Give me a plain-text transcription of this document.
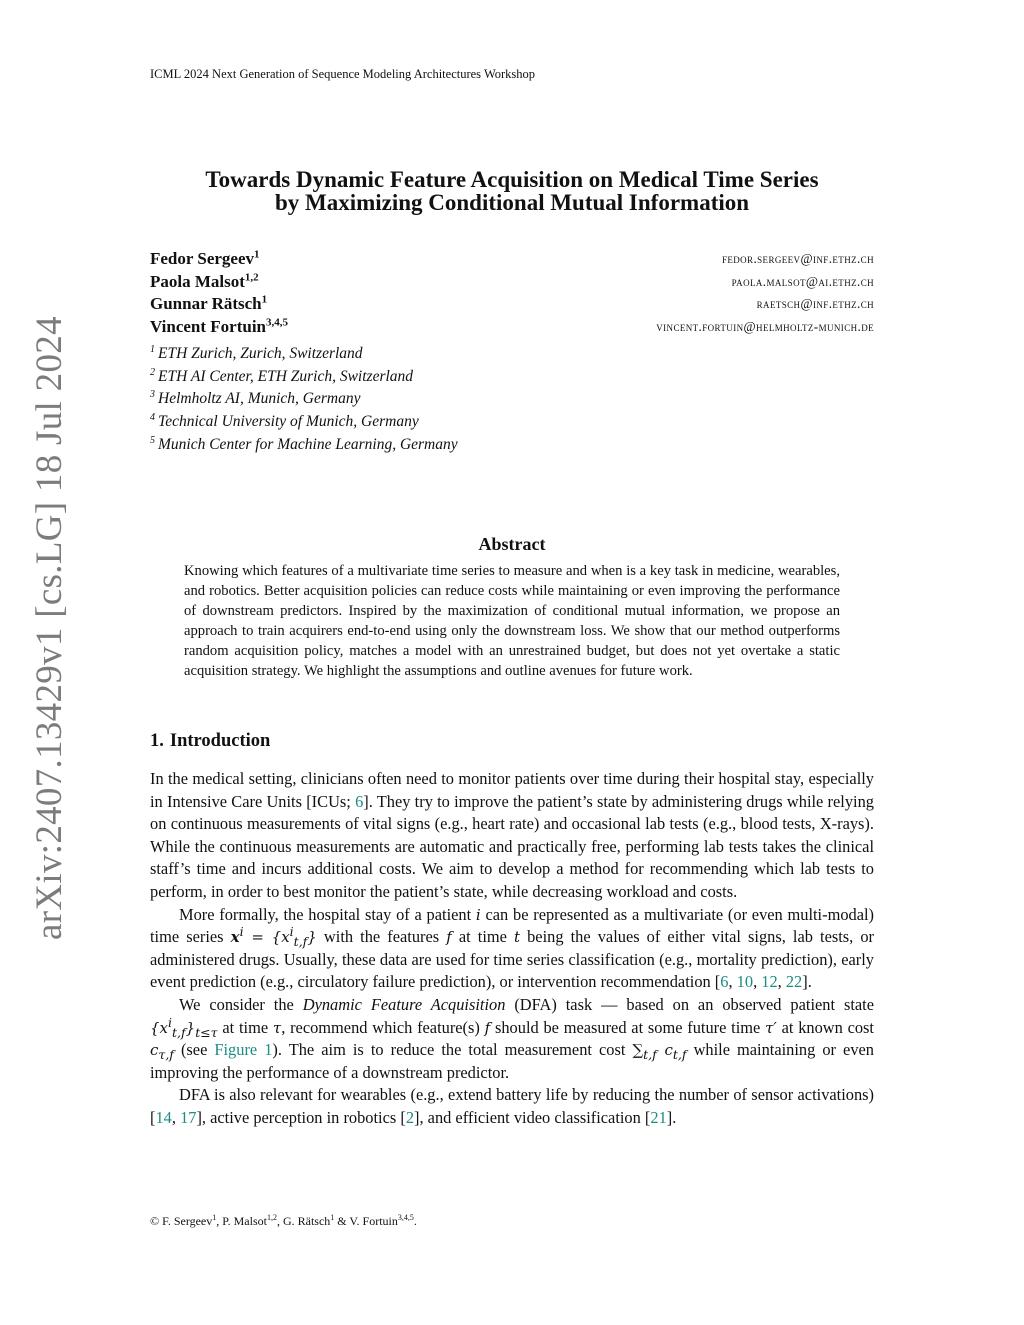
ICML 2024 Next Generation of Sequence Modeling Architectures Workshop
Towards Dynamic Feature Acquisition on Medical Time Series
by Maximizing Conditional Mutual Information
Fedor Sergeev$^1$	fedor.sergeev@inf.ethz.ch
Paola Malsot$^{1,2}$	paola.malsot@ai.ethz.ch
Gunnar Rätsch$^1$	raetsch@inf.ethz.ch
Vincent Fortuin$^{3,4,5}$	vincent.fortuin@helmholtz-munich.de
$^1$ ETH Zurich, Zurich, Switzerland
$^2$ ETH AI Center, ETH Zurich, Switzerland
$^3$ Helmholtz AI, Munich, Germany
$^4$ Technical University of Munich, Germany
$^5$ Munich Center for Machine Learning, Germany
arXiv:2407.13429v1 [cs.LG] 18 Jul 2024	Abstract
Knowing which features of a multivariate time series to measure and when is a key task in medicine, wearables, and robotics. Better acquisition policies can reduce costs while maintaining or even improving the performance of downstream predictors. Inspired by the maximization of conditional mutual information, we propose an approach to train acquirers end-to-end using only the downstream loss. We show that our method outperforms random acquisition policy, matches a model with an unrestrained budget, but does not yet overtake a static acquisition strategy. We highlight the assumptions and outline avenues for future work.
1. Introduction

In the medical setting, clinicians often need to monitor patients over time during their hospital stay, especially in Intensive Care Units [ICUs; 6]. They try to improve the patient’s state by administering drugs while relying on continuous measurements of vital signs (e.g., heart rate) and occasional lab tests (e.g., blood tests, X-rays). While the continuous measurements are automatic and practically free, performing lab tests takes the clinical staff’s time and incurs additional costs. We aim to develop a method for recommending which lab tests to perform, in order to best monitor the patient’s state, while decreasing workload and costs.

More formally, the hospital stay of a patient i can be represented as a multivariate (or even multi-modal) time series $x^i = \{x^i_{t,f}\}$ with the features f at time t being the values of either vital signs, lab tests, or administered drugs. Usually, these data are used for time series classification (e.g., mortality prediction), early event prediction (e.g., circulatory failure prediction), or intervention recommendation [6, 10, 12, 22].

We consider the Dynamic Feature Acquisition (DFA) task — based on an observed patient state $\{x^i_{t,f}\}_{t\le\tau}$ at time τ, recommend which feature(s) f should be measured at some future time τ′ at known cost $c_{\tau,f}$ (see Figure 1). The aim is to reduce the total measurement cost $\sum_{t,f}$ $c_{t,f}$ while maintaining or even improving the performance of a downstream predictor.

DFA is also relevant for wearables (e.g., extend battery life by reducing the number of sensor activations) [14, 17], active perception in robotics [2], and efficient video classification [21].

© F. Sergeev$^1$, P. Malsot$^{1,2}$, G. Rätsch$^1$ & V. Fortuin$^{3,4,5}$.
